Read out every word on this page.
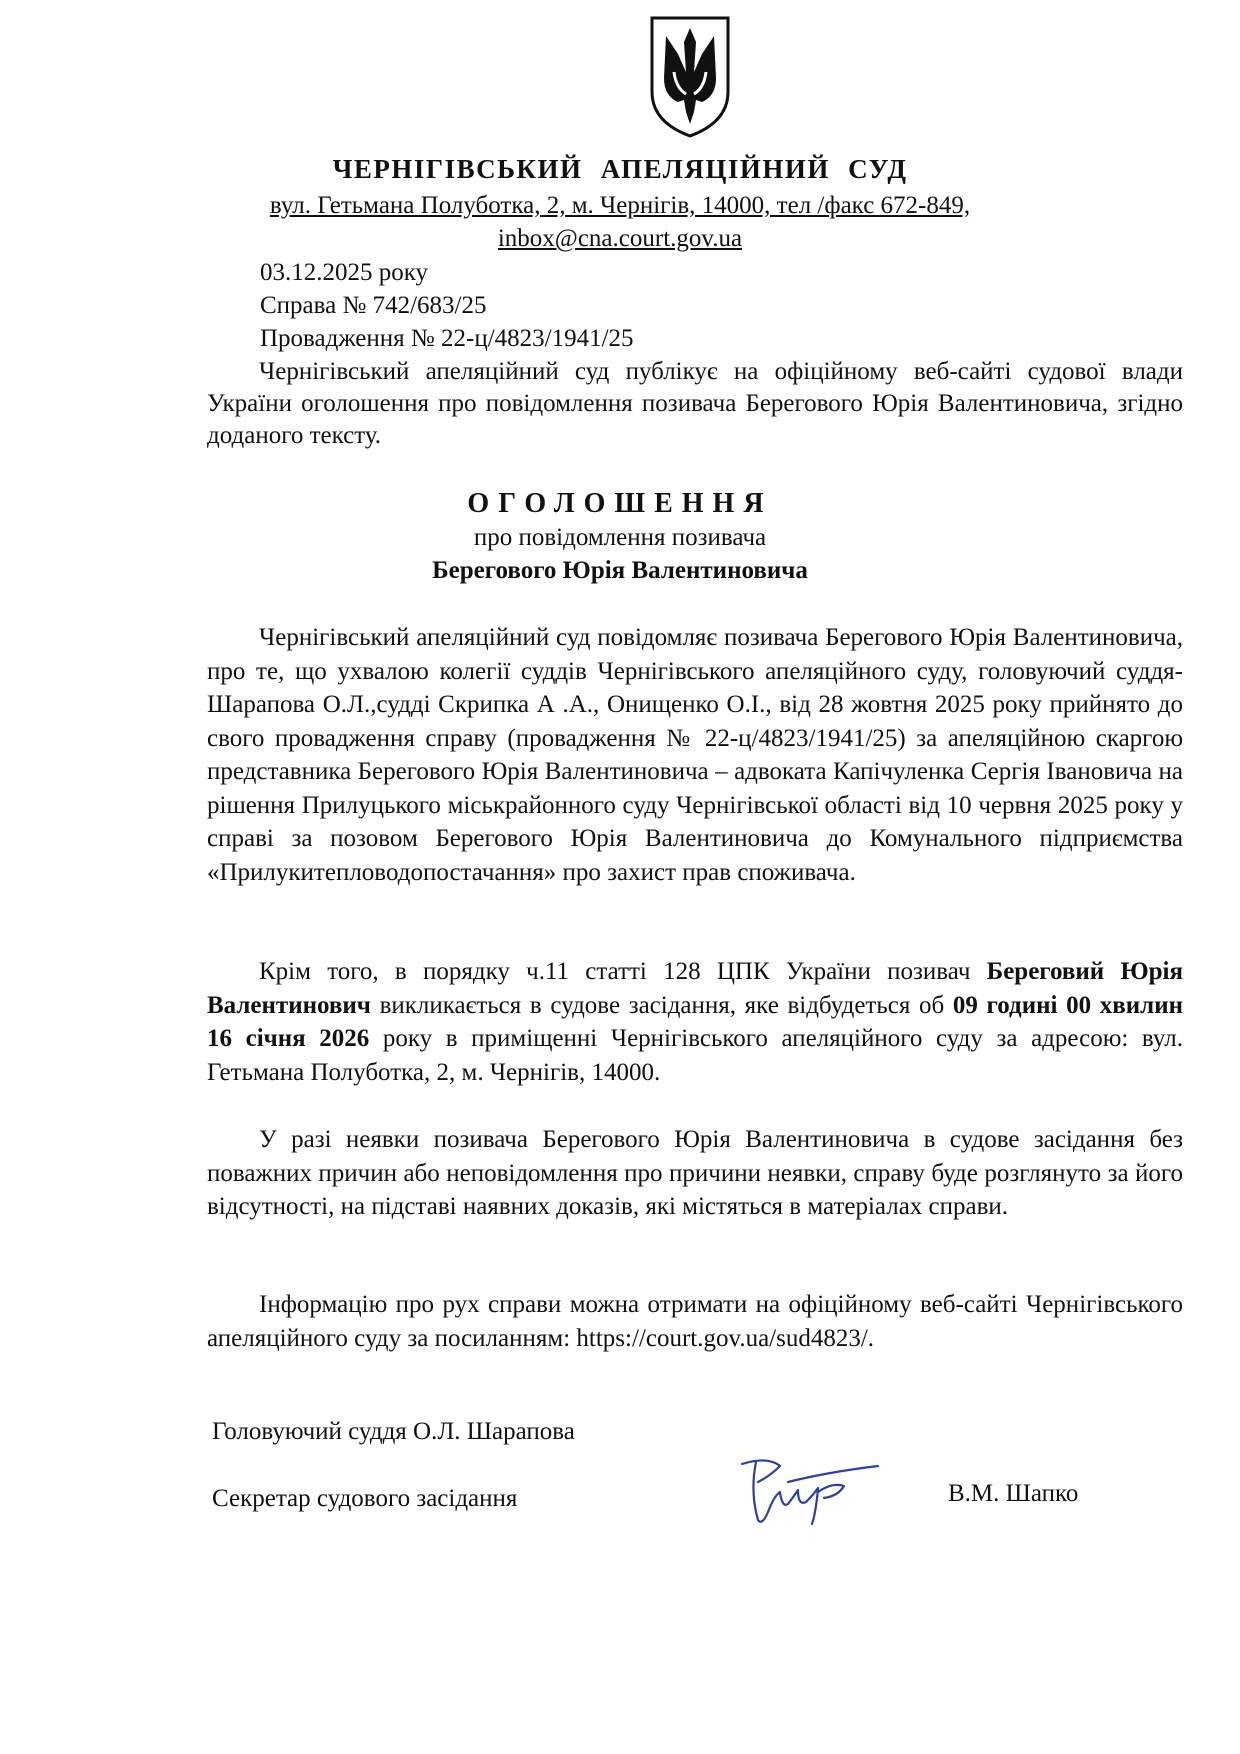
ЧЕРНІГІВСЬКИЙ АПЕЛЯЦІЙНИЙ СУД
вул. Гетьмана Полуботка, 2, м. Чернігів, 14000, тел /факс 672-849,
inbox@cna.court.gov.ua
03.12.2025 року
Справа № 742/683/25
Провадження № 22-ц/4823/1941/25
Чернігівський апеляційний суд публікує на офіційному веб-сайті судової влади України оголошення про повідомлення позивача Берегового Юрія Валентиновича, згідно доданого тексту.
ОГОЛОШЕННЯ
про повідомлення позивача
Берегового Юрія Валентиновича
Чернігівський апеляційний суд повідомляє позивача Берегового Юрія Валентиновича, про те, що ухвалою колегії суддів Чернігівського апеляційного суду, головуючий суддя-Шарапова О.Л.,судді Скрипка А .А., Онищенко О.І., від 28 жовтня 2025 року прийнято до свого провадження справу (провадження № 22-ц/4823/1941/25) за апеляційною скаргою представника Берегового Юрія Валентиновича – адвоката Капічуленка Сергія Івановича на рішення Прилуцького міськрайонного суду Чернігівської області від 10 червня 2025 року у справі за позовом Берегового Юрія Валентиновича до Комунального підприємства «Прилукитепловодопостачання» про захист прав споживача.
Крім того, в порядку ч.11 статті 128 ЦПК України позивач Береговий Юрія Валентинович викликається в судове засідання, яке відбудеться об 09 годині 00 хвилин 16 січня 2026 року в приміщенні Чернігівського апеляційного суду за адресою: вул. Гетьмана Полуботка, 2, м. Чернігів, 14000.
У разі неявки позивача Берегового Юрія Валентиновича в судове засідання без поважних причин або неповідомлення про причини неявки, справу буде розглянуто за його відсутності, на підставі наявних доказів, які містяться в матеріалах справи.
Інформацію про рух справи можна отримати на офіційному веб-сайті Чернігівського апеляційного суду за посиланням: https://court.gov.ua/sud4823/.
Головуючий суддя О.Л. Шарапова
Секретар судового засідання	В.М. Шапко
